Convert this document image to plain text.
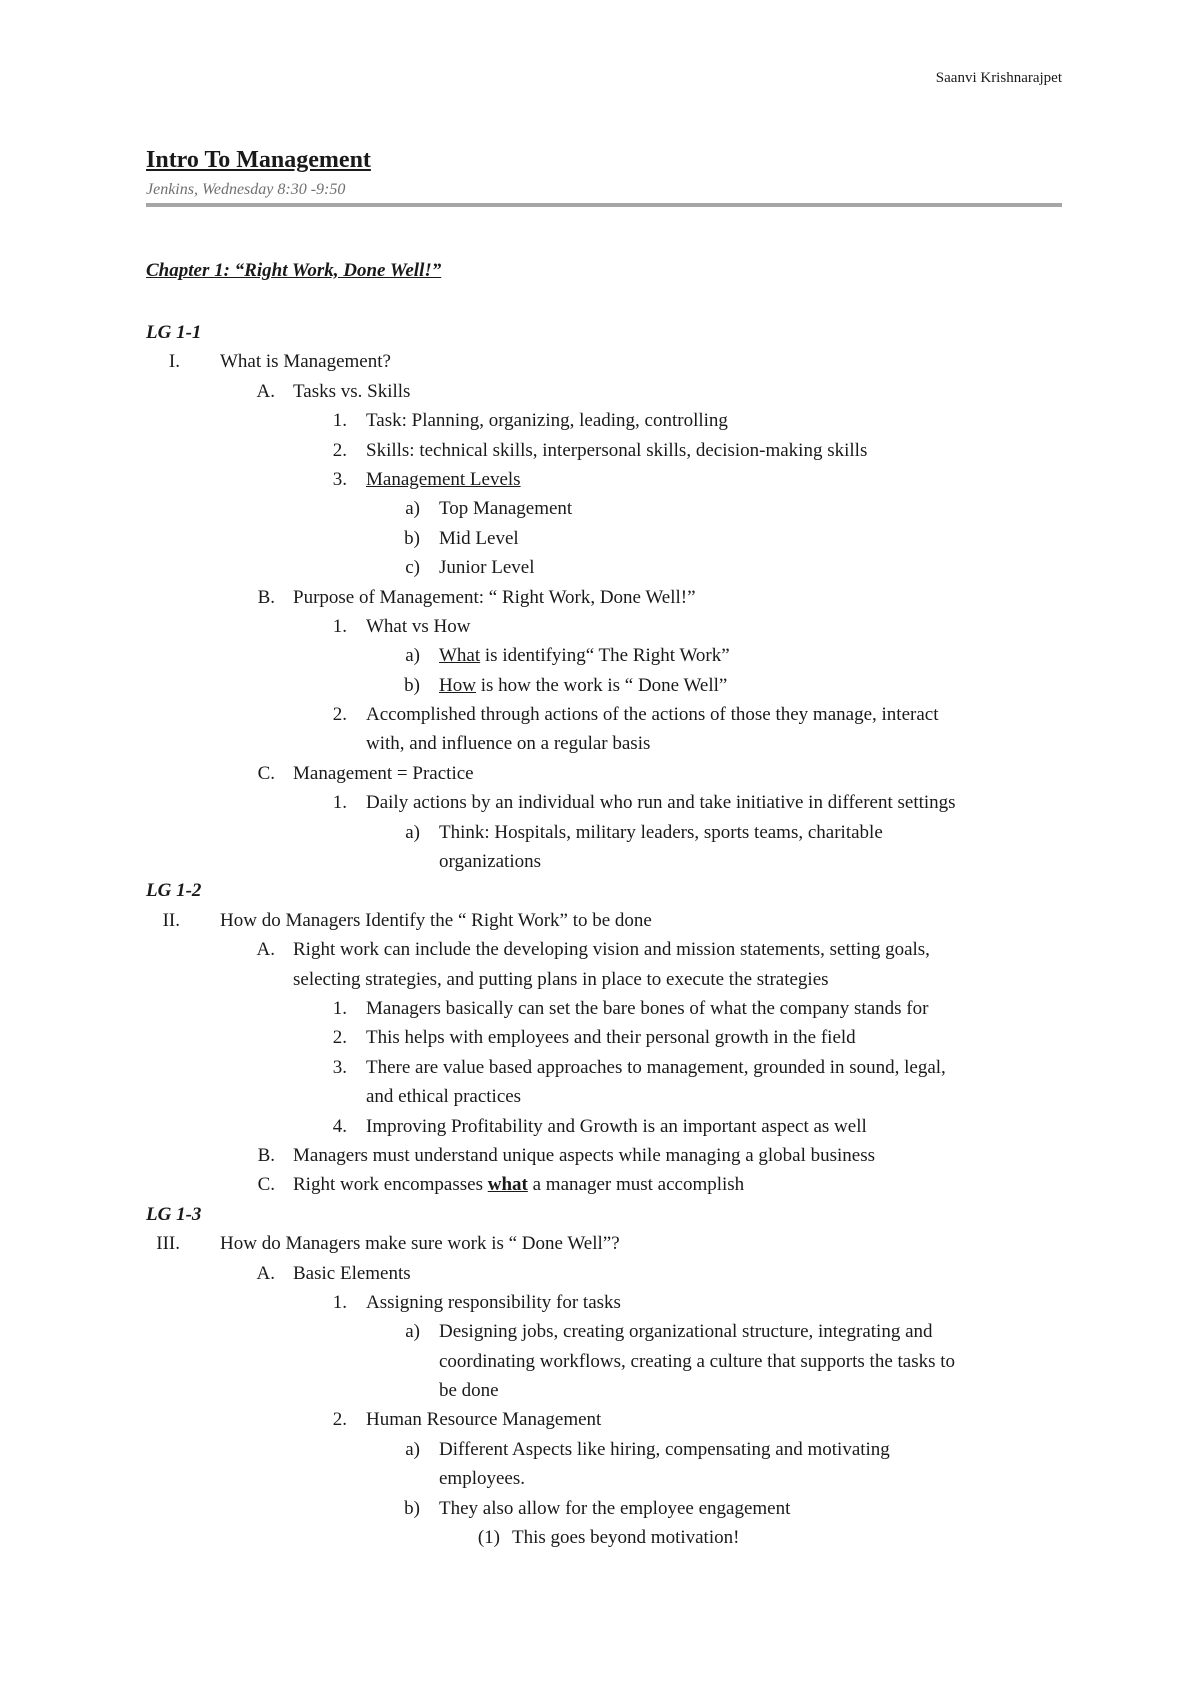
Saanvi Krishnarajpet
Intro To Management
Jenkins, Wednesday 8:30 -9:50
Chapter 1: “Right Work, Done Well!”
LG 1-1
I. What is Management?
A. Tasks vs. Skills
1. Task: Planning, organizing, leading, controlling
2. Skills: technical skills, interpersonal skills, decision-making skills
3. Management Levels
a) Top Management
b) Mid Level
c) Junior Level
B. Purpose of Management: “ Right Work, Done Well!”
1. What vs How
a) What is identifying“ The Right Work”
b) How is how the work is “ Done Well”
2. Accomplished through actions of the actions of those they manage, interact
with, and influence on a regular basis
C. Management = Practice
1. Daily actions by an individual who run and take initiative in different settings
a) Think: Hospitals, military leaders, sports teams, charitable
organizations
LG 1-2
II. How do Managers Identify the “ Right Work” to be done
A. Right work can include the developing vision and mission statements, setting goals,
selecting strategies, and putting plans in place to execute the strategies
1. Managers basically can set the bare bones of what the company stands for
2. This helps with employees and their personal growth in the field
3. There are value based approaches to management, grounded in sound, legal,
and ethical practices
4. Improving Profitability and Growth is an important aspect as well
B. Managers must understand unique aspects while managing a global business
C. Right work encompasses what a manager must accomplish
LG 1-3
III. How do Managers make sure work is “ Done Well”?
A. Basic Elements
1. Assigning responsibility for tasks
a) Designing jobs, creating organizational structure, integrating and
coordinating workflows, creating a culture that supports the tasks to
be done
2. Human Resource Management
a) Different Aspects like hiring, compensating and motivating
employees.
b) They also allow for the employee engagement
(1) This goes beyond motivation!
